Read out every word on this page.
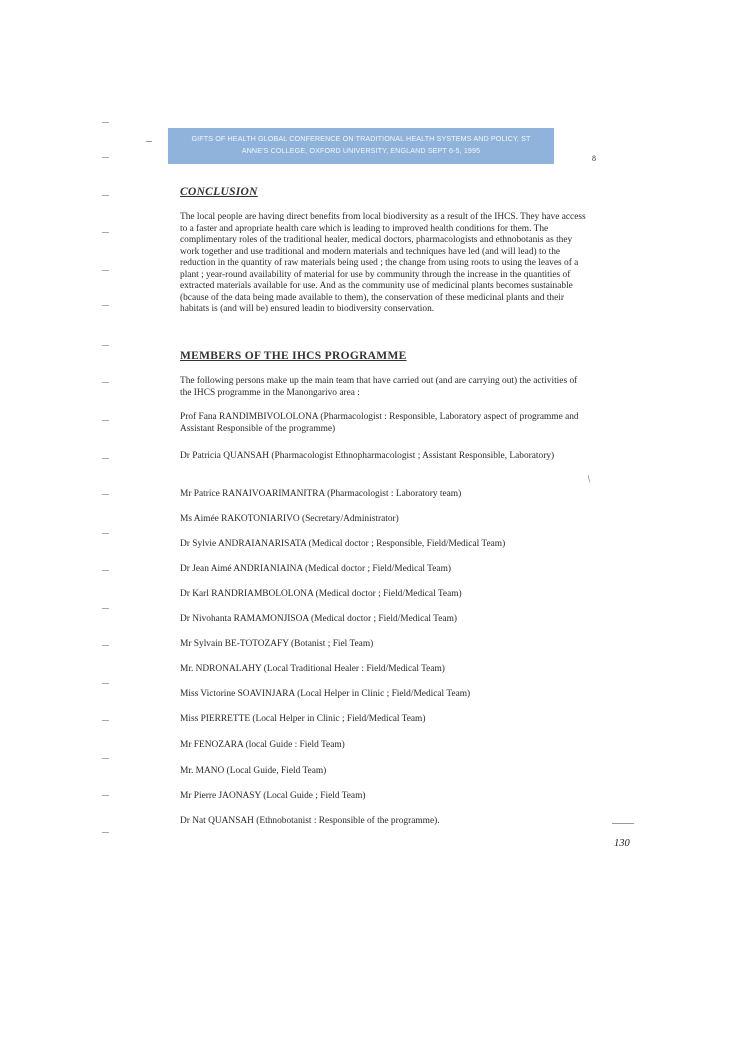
GIFTS OF HEALTH GLOBAL CONFERENCE ON TRADITIONAL HEALTH SYSTEMS AND POLICY, ST
ANNE'S COLLEGE, OXFORD UNIVERSITY, ENGLAND SEPT 6-5, 1995
8
CONCLUSION
The local people are having direct benefits from local biodiversity as a result of the IHCS. They have access to a faster and apropriate health care which is leading to improved health conditions for them. The complimentary roles of the traditional healer, medical doctors, pharmacologists and ethnobotanis as they work together and use traditional and modern materials and techniques have led (and will lead) to the reduction in the quantity of raw materials being used ; the change from using roots to using the leaves of a plant ; year-round availability of material for use by community through the increase in the quantities of extracted materials available for use. And as the community use of medicinal plants becomes sustainable (bcause of the data being made available to them), the conservation of these medicinal plants and their habitats is (and will be) ensured leadin to biodiversity conservation.
MEMBERS OF THE IHCS PROGRAMME
The following persons make up the main team that have carried out (and are carrying out) the activities of the IHCS programme in the Manongarivo area :
Prof Fana RANDIMBIVOLOLONA (Pharmacologist : Responsible, Laboratory aspect of programme and Assistant Responsible of the programme)
Dr Patricia QUANSAH (Pharmacologist Ethnopharmacologist ; Assistant Responsible, Laboratory)
Mr Patrice RANAIVOARIMANITRA (Pharmacologist : Laboratory team)
Ms Aimée RAKOTONIARIVO (Secretary/Administrator)
Dr Sylvie ANDRAIANARISATA (Medical doctor ; Responsible, Field/Medical Team)
Dr Jean Aimé ANDRIANIAINA (Medical doctor ; Field/Medical Team)
Dr Karl RANDRIAMBOLOLONA (Medical doctor ; Field/Medical Team)
Dr Nivohanta RAMAMONJISOA (Medical doctor ; Field/Medical Team)
Mr Sylvain BE-TOTOZAFY (Botanist ; Fiel Team)
Mr. NDRONALAHY (Local Traditional Healer : Field/Medical Team)
Miss Victorine SOAVINJARA (Local Helper in Clinic ; Field/Medical Team)
Miss PIERRETTE (Local Helper in Clinic ; Field/Medical Team)
Mr FENOZARA (local Guide : Field Team)
Mr. MANO (Local Guide, Field Team)
Mr Pierre JAONASY (Local Guide ; Field Team)
Dr Nat QUANSAH (Ethnobotanist : Responsible of the programme).
130
/
